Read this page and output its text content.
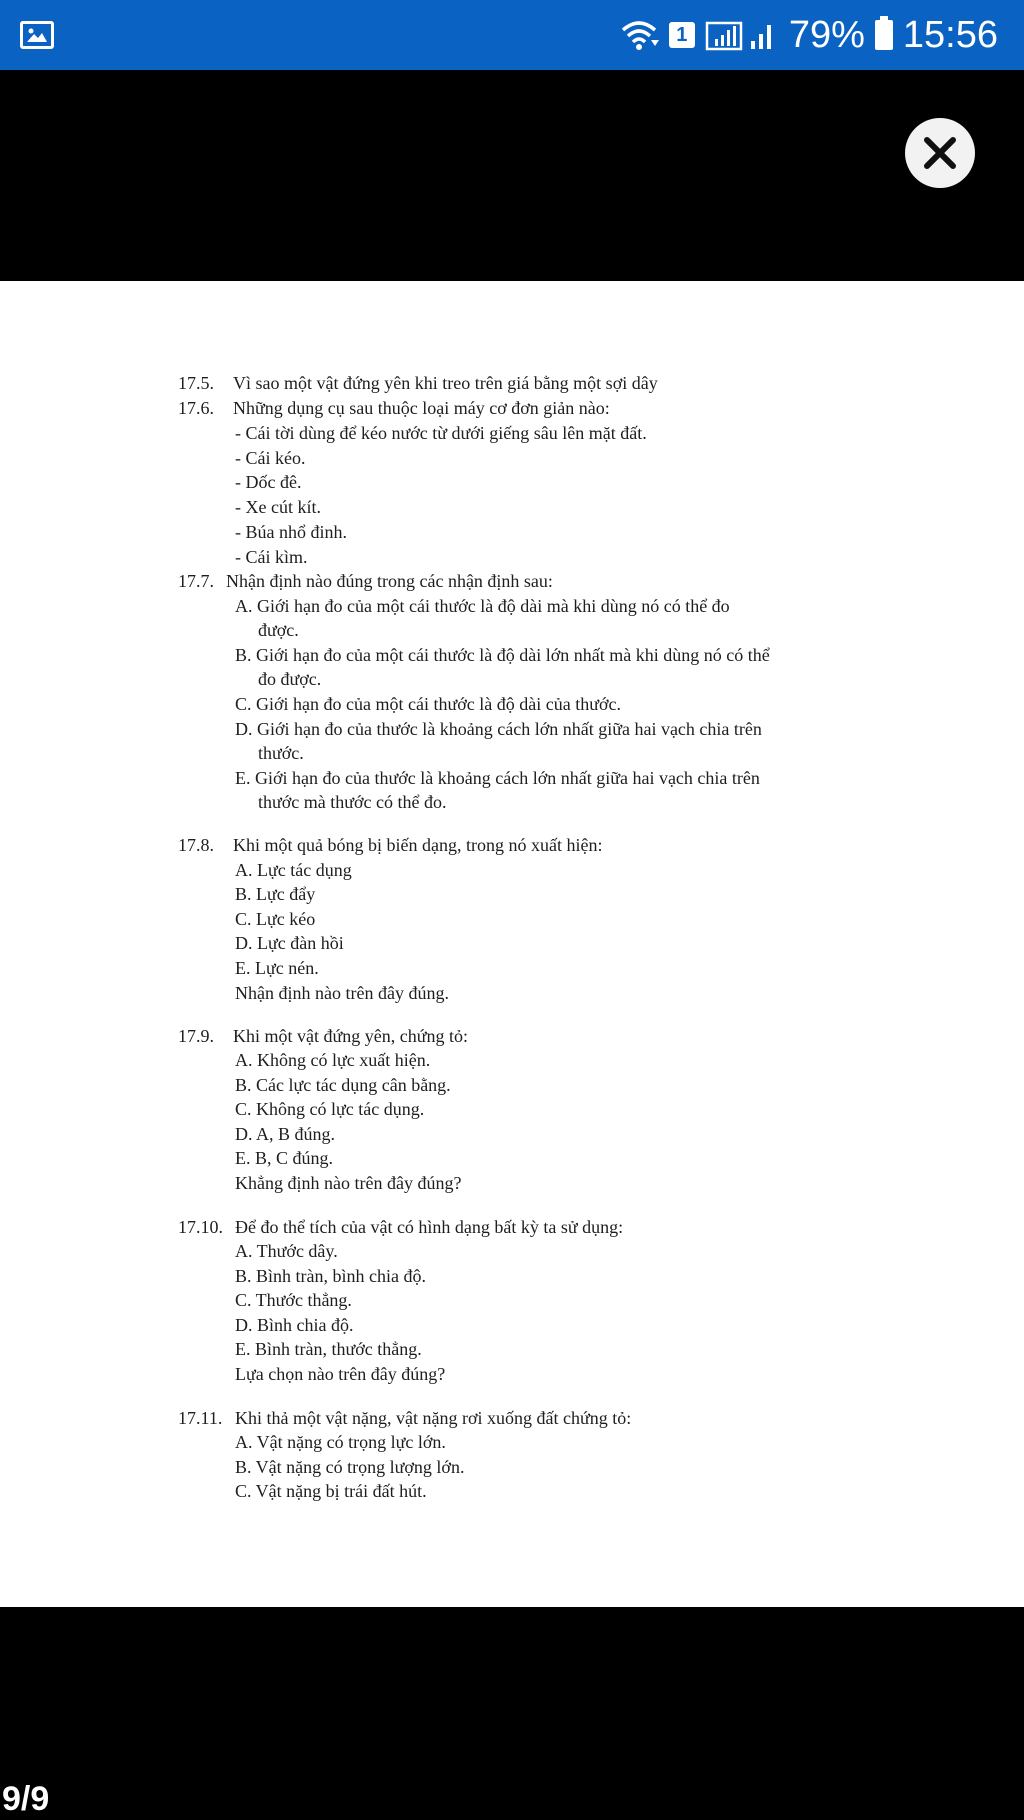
1	79% 15:56
17.5. Vì sao một vật đứng yên khi treo trên giá bằng một sợi dây
17.6. Những dụng cụ sau thuộc loại máy cơ đơn giản nào:
- Cái tời dùng để kéo nước từ dưới giếng sâu lên mặt đất.
- Cái kéo.
- Dốc đê.
- Xe cút kít.
- Búa nhổ đinh.
- Cái kìm.
17.7. Nhận định nào đúng trong các nhận định sau:
A. Giới hạn đo của một cái thước là độ dài mà khi dùng nó có thể đo
được.
B. Giới hạn đo của một cái thước là độ dài lớn nhất mà khi dùng nó có thể
đo được.
C. Giới hạn đo của một cái thước là độ dài của thước.
D. Giới hạn đo của thước là khoảng cách lớn nhất giữa hai vạch chia trên
thước.
E. Giới hạn đo của thước là khoảng cách lớn nhất giữa hai vạch chia trên
thước mà thước có thể đo.
17.8. Khi một quả bóng bị biến dạng, trong nó xuất hiện:
A. Lực tác dụng
B. Lực đẩy
C. Lực kéo
D. Lực đàn hồi
E. Lực nén.
Nhận định nào trên đây đúng.
17.9. Khi một vật đứng yên, chứng tỏ:
A. Không có lực xuất hiện.
B. Các lực tác dụng cân bằng.
C. Không có lực tác dụng.
D. A, B đúng.
E. B, C đúng.
Khẳng định nào trên đây đúng?
17.10. Để đo thể tích của vật có hình dạng bất kỳ ta sử dụng:
A. Thước dây.
B. Bình tràn, bình chia độ.
C. Thước thẳng.
D. Bình chia độ.
E. Bình tràn, thước thẳng.
Lựa chọn nào trên đây đúng?
17.11. Khi thả một vật nặng, vật nặng rơi xuống đất chứng tỏ:
A. Vật nặng có trọng lực lớn.
B. Vật nặng có trọng lượng lớn.
C. Vật nặng bị trái đất hút.
9/9
